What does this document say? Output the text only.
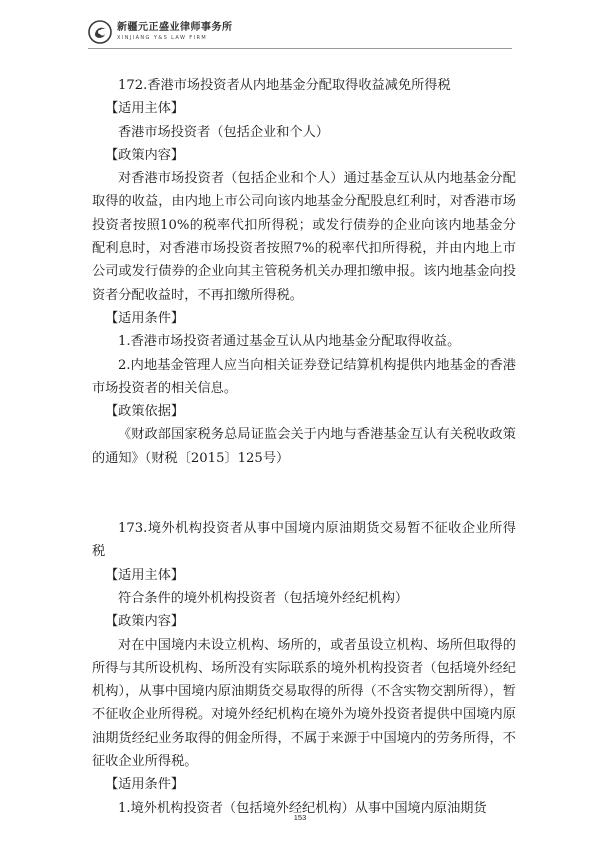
新疆元正盛业律师事务所
XINJIANG Y&S LAW FIRM

172.香港市场投资者从内地基金分配取得收益减免所得税

【适用主体】

香港市场投资者（包括企业和个人）

【政策内容】

对香港市场投资者（包括企业和个人）通过基金互认从内地基金分配取得的收益，由内地上市公司向该内地基金分配股息红利时，对香港市场投资者按照10%的税率代扣所得税；或发行债券的企业向该内地基金分配利息时，对香港市场投资者按照7%的税率代扣所得税，并由内地上市公司或发行债券的企业向其主管税务机关办理扣缴申报。该内地基金向投资者分配收益时，不再扣缴所得税。

【适用条件】

1.香港市场投资者通过基金互认从内地基金分配取得收益。

2.内地基金管理人应当向相关证券登记结算机构提供内地基金的香港市场投资者的相关信息。

【政策依据】

《财政部国家税务总局证监会关于内地与香港基金互认有关税收政策的通知》（财税〔2015〕125号）

173.境外机构投资者从事中国境内原油期货交易暂不征收企业所得税

【适用主体】

符合条件的境外机构投资者（包括境外经纪机构）

【政策内容】

对在中国境内未设立机构、场所的，或者虽设立机构、场所但取得的所得与其所设机构、场所没有实际联系的境外机构投资者（包括境外经纪机构），从事中国境内原油期货交易取得的所得（不含实物交割所得），暂不征收企业所得税。对境外经纪机构在境外为境外投资者提供中国境内原油期货经纪业务取得的佣金所得，不属于来源于中国境内的劳务所得，不征收企业所得税。

【适用条件】

1.境外机构投资者（包括境外经纪机构）从事中国境内原油期货

153
